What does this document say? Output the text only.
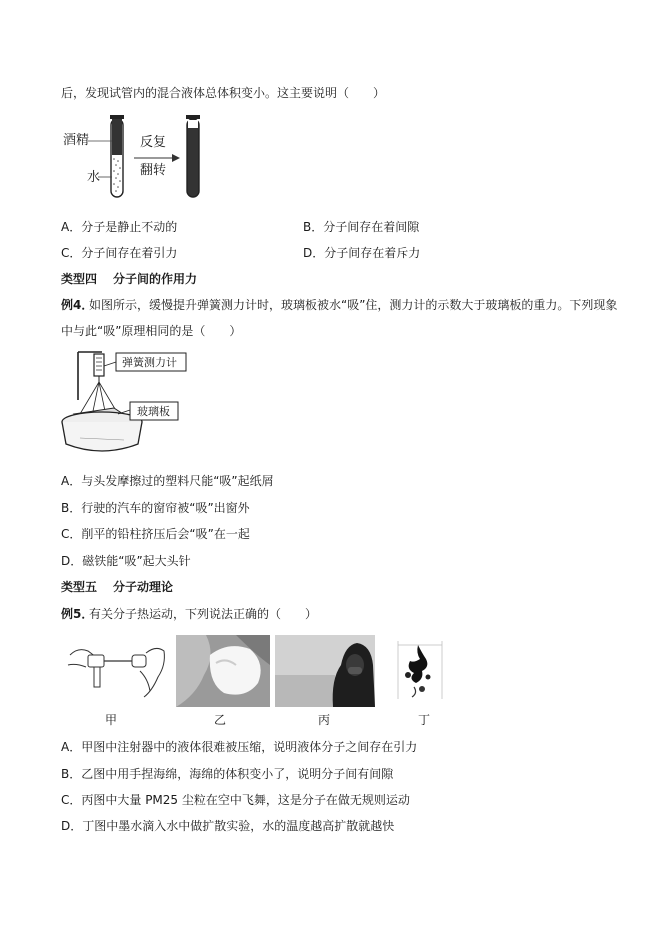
后，发现试管内的混合液体总体积变小。这主要说明（　　）
酒精
水
反复
翻转
A．分子是静止不动的	B．分子间存在着间隙
C．分子间存在着引力	D．分子间存在着斥力
类型四 分子间的作用力
例4．
如图所示，缓慢提升弹簧测力计时，玻璃板被水“吸”住，测力计的示数大于玻璃板的重力。下列现象
中与此“吸”原理相同的是（　　）
弹簧测力计
玻璃板
A．与头发摩擦过的塑料尺能“吸”起纸屑
B．行驶的汽车的窗帘被“吸”出窗外
C．削平的铅柱挤压后会“吸”在一起
D．磁铁能“吸”起大头针
类型五 分子动理论
例5．
有关分子热运动，下列说法正确的（　　）
甲	乙	丙	丁
A．甲图中注射器中的液体很难被压缩，说明液体分子之间存在引力
B．乙图中用手捏海绵，海绵的体积变小了，说明分子间有间隙
C．丙图中大量 PM25 尘粒在空中飞舞，这是分子在做无规则运动
D．丁图中墨水滴入水中做扩散实验，水的温度越高扩散就越快
